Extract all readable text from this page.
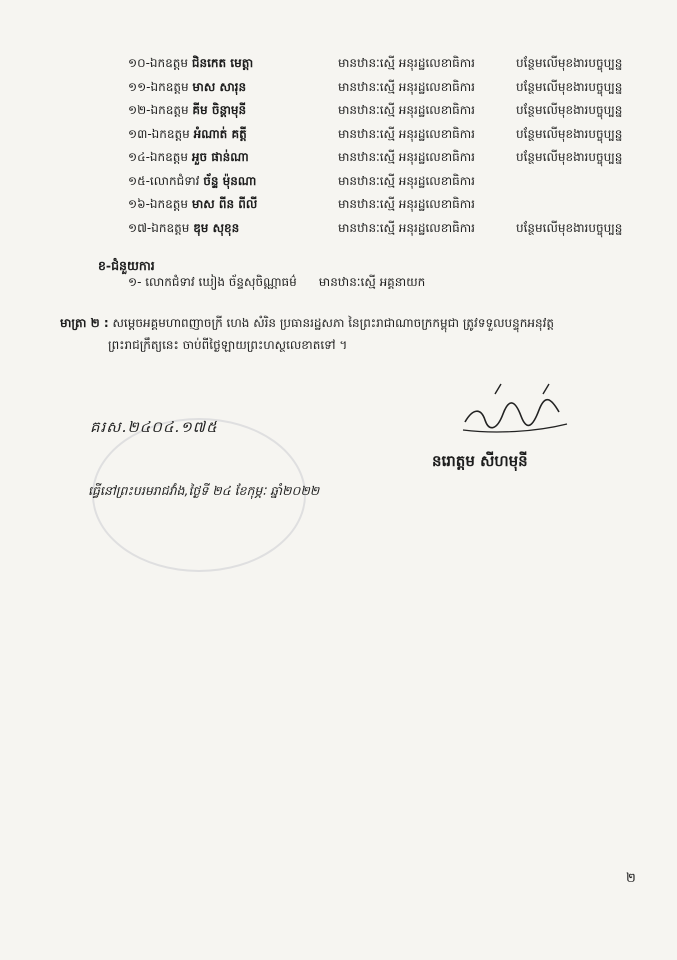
១០-ឯកឧត្តម ជិនកេត មេត្តា	មានឋានៈស្មើ អនុរដ្ឋលេខាធិការ	បន្ថែមលើមុខងារបច្ចុប្បន្ន
១១-ឯកឧត្តម មាស សារុន	មានឋានៈស្មើ អនុរដ្ឋលេខាធិការ	បន្ថែមលើមុខងារបច្ចុប្បន្ន
១២-ឯកឧត្តម គីម ចិន្តាមុនី	មានឋានៈស្មើ អនុរដ្ឋលេខាធិការ	បន្ថែមលើមុខងារបច្ចុប្បន្ន
១៣-ឯកឧត្តម អំណាត់ គត្តី	មានឋានៈស្មើ អនុរដ្ឋលេខាធិការ	បន្ថែមលើមុខងារបច្ចុប្បន្ន
១៤-ឯកឧត្តម អួច ផាន់ណា	មានឋានៈស្មើ អនុរដ្ឋលេខាធិការ	បន្ថែមលើមុខងារបច្ចុប្បន្ន
១៥-លោកជំទាវ ច័ន្ទ ម៉ុនណា	មានឋានៈស្មើ អនុរដ្ឋលេខាធិការ
១៦-ឯកឧត្តម មាស ពីន ពីលី	មានឋានៈស្មើ អនុរដ្ឋលេខាធិការ
១៧-ឯកឧត្តម ឌុម សុខុន	មានឋានៈស្មើ អនុរដ្ឋលេខាធិការ	បន្ថែមលើមុខងារបច្ចុប្បន្ន
ខ-ជំនួយការ
១- លោកជំទាវ ឃៀង ច័ន្ទសុចិណ្ណាធម៌ មានឋានៈស្មើ អគ្គនាយក
មាត្រា ២ : សម្ដេចអគ្គមហាពញាចក្រី ហេង សំរិន ប្រធានរដ្ឋសភា នៃព្រះរាជាណាចក្រកម្ពុជា ត្រូវទទួលបន្ទុកអនុវត្ត
ព្រះរាជក្រឹត្យនេះ ចាប់ពីថ្ងៃឡាយព្រះហស្ថលេខាតទៅ ។
គរស.២៤០៤.១៧៥
នរោត្តម សីហមុនី
ធ្វើនៅព្រះបរមរាជវាំង,ថ្ងៃទី ២៤ ខែកុម្ភៈ ឆ្នាំ២០២២
២
